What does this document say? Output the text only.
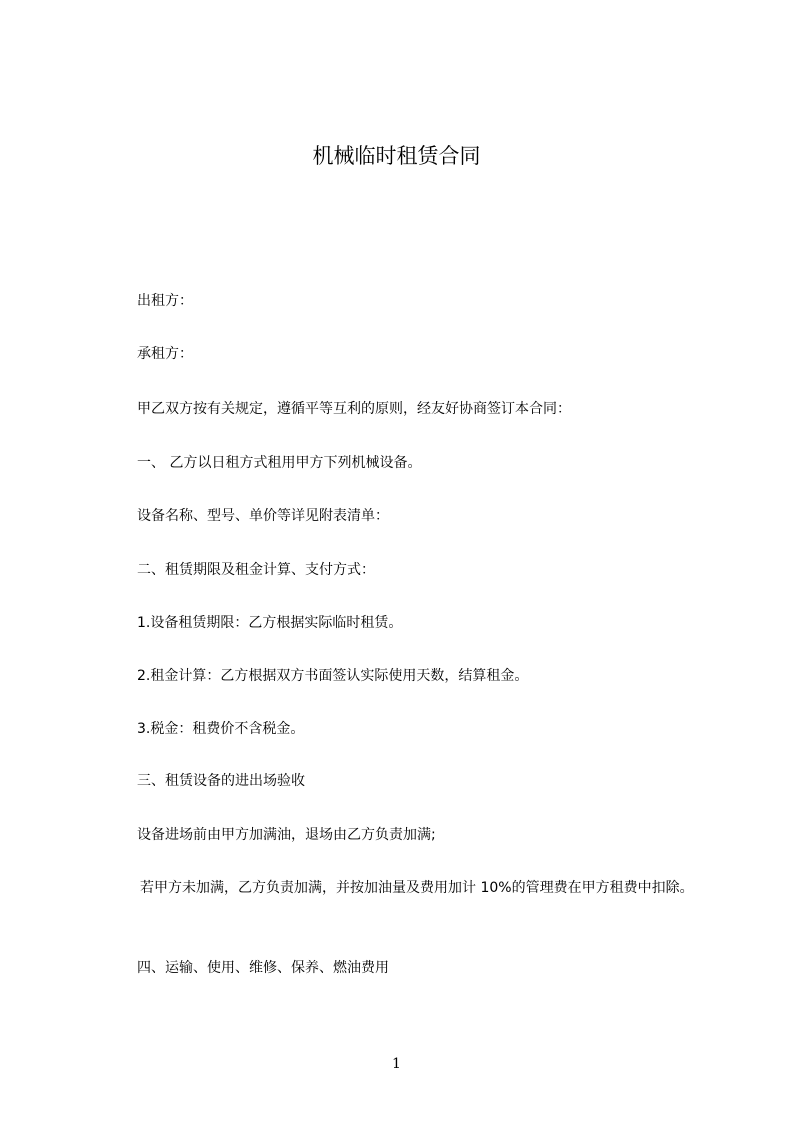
机械临时租赁合同
出租方：
承租方：
甲乙双方按有关规定，遵循平等互利的原则，经友好协商签订本合同：
一、 乙方以日租方式租用甲方下列机械设备。
设备名称、型号、单价等详见附表清单：
二、租赁期限及租金计算、支付方式：
1.设备租赁期限：乙方根据实际临时租赁。
2.租金计算：乙方根据双方书面签认实际使用天数，结算租金。
3.税金：租费价不含税金。
三、租赁设备的进出场验收
设备进场前由甲方加满油，退场由乙方负责加满;
若甲方未加满，乙方负责加满，并按加油量及费用加计 10%的管理费在甲方租费中扣除。
四、运输、使用、维修、保养、燃油费用
1
